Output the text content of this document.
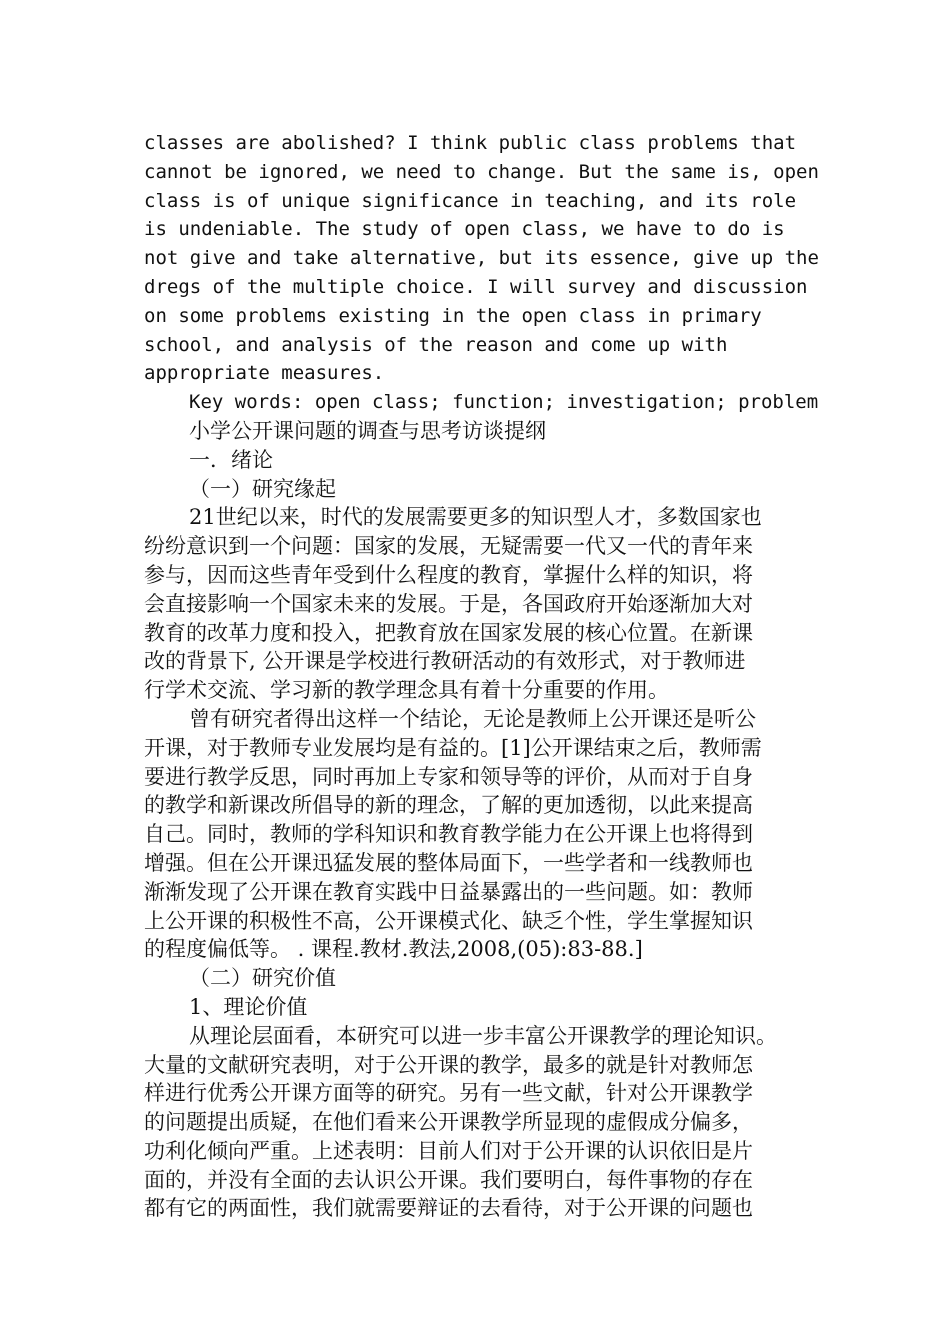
classes are abolished? I think public class problems that

cannot be ignored, we need to change. But the same is, open

class is of unique significance in teaching, and its role

is undeniable. The study of open class, we have to do is

not give and take alternative, but its essence, give up the

dregs of the multiple choice. I will survey and discussion

on some problems existing in the open class in primary

school, and analysis of the reason and come up with

appropriate measures.

Key words: open class; function; investigation; problem

小学公开课问题的调查与思考访谈提纲

一．绪论

（一）研究缘起

21世纪以来，时代的发展需要更多的知识型人才，多数国家也

纷纷意识到一个问题：国家的发展，无疑需要一代又一代的青年来

参与，因而这些青年受到什么程度的教育，掌握什么样的知识，将

会直接影响一个国家未来的发展。于是，各国政府开始逐渐加大对

教育的改革力度和投入，把教育放在国家发展的核心位置。在新课

改的背景下, 公开课是学校进行教研活动的有效形式，对于教师进

行学术交流、学习新的教学理念具有着十分重要的作用。

曾有研究者得出这样一个结论，无论是教师上公开课还是听公

开课，对于教师专业发展均是有益的。[1]公开课结束之后，教师需

要进行教学反思，同时再加上专家和领导等的评价，从而对于自身

的教学和新课改所倡导的新的理念，了解的更加透彻，以此来提高

自己。同时，教师的学科知识和教育教学能力在公开课上也将得到

增强。但在公开课迅猛发展的整体局面下，一些学者和一线教师也

渐渐发现了公开课在教育实践中日益暴露出的一些问题。如：教师

上公开课的积极性不高，公开课模式化、缺乏个性，学生掌握知识

的程度偏低等。 . 课程.教材.教法,2008,(05):83-88.]

（二）研究价值

1、理论价值

从理论层面看，本研究可以进一步丰富公开课教学的理论知识。

大量的文献研究表明，对于公开课的教学，最多的就是针对教师怎

样进行优秀公开课方面等的研究。另有一些文献，针对公开课教学

的问题提出质疑，在他们看来公开课教学所显现的虚假成分偏多，

功利化倾向严重。上述表明：目前人们对于公开课的认识依旧是片

面的，并没有全面的去认识公开课。我们要明白，每件事物的存在

都有它的两面性，我们就需要辩证的去看待，对于公开课的问题也
